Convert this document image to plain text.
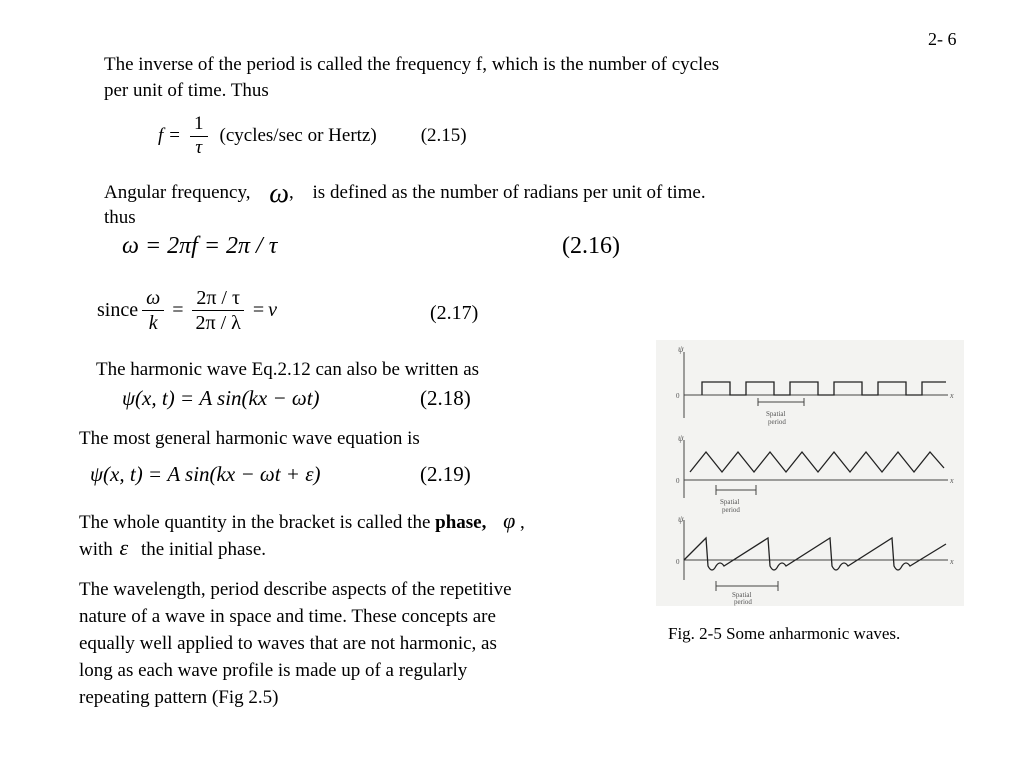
2- 6
The inverse of the period is called the frequency f, which is the number of cycles
per unit of time. Thus
$f = \frac{1}{\tau}$ (cycles/sec or Hertz) (2.15)
Angular frequency, ω, is defined as the number of radians per unit of time.
thus
ω = 2πf = 2π / τ	(2.16)
since $\frac{\omega}{k} = \frac{2\pi / \tau}{2\pi / \lambda} = v$	(2.17)
The harmonic wave Eq.2.12 can also be written as
ψ(x, t) = A sin(kx − ωt)	(2.18)
The most general harmonic wave equation is
ψ(x, t) = A sin(kx − ωt + ε)	(2.19)
The whole quantity in the bracket is called the phase, φ ,
with ε the initial phase.
The wavelength, period describe aspects of the repetitive
nature of a wave in space and time. These concepts are
equally well applied to waves that are not harmonic, as
long as each wave profile is made up of a regularly
repeating pattern (Fig 2.5)
ψ
0	x
Spatial
period
ψ
0	x
Spatial
period
ψ
0	x
Spatial
period
Fig. 2-5 Some anharmonic waves.
